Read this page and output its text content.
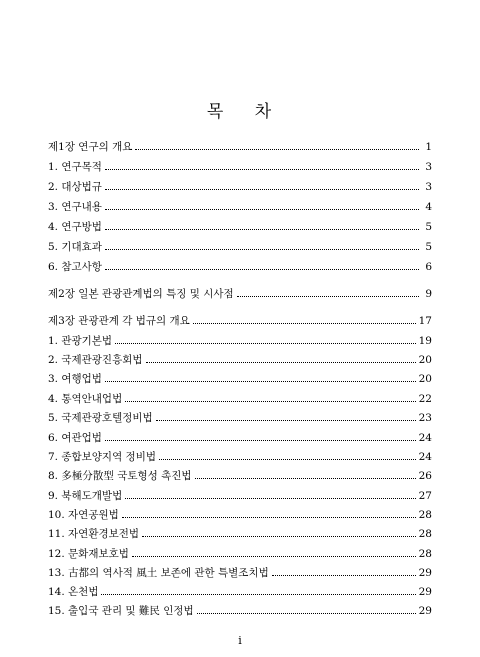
목 차
제1장 연구의 개요	1
1. 연구목적	3
2. 대상법규	3
3. 연구내용	4
4. 연구방법	5
5. 기대효과	5
6. 참고사항	6
제2장 일본 관광관계법의 특징 및 시사점	9
제3장 관광관계 각 법규의 개요	17
1. 관광기본법	19
2. 국제관광진흥회법	20
3. 여행업법	20
4. 통역안내업법	22
5. 국제관광호텔정비법	23
6. 여관업법	24
7. 종합보양지역 정비법	24
8. 多極分散型 국토형성 촉진법	26
9. 북해도개발법	27
10. 자연공원법	28
11. 자연환경보전법	28
12. 문화재보호법	28
13. 古都의 역사적 風土 보존에 관한 특별조치법	29
14. 온천법	29
15. 출입국 관리 및 難民 인정법	29
i
